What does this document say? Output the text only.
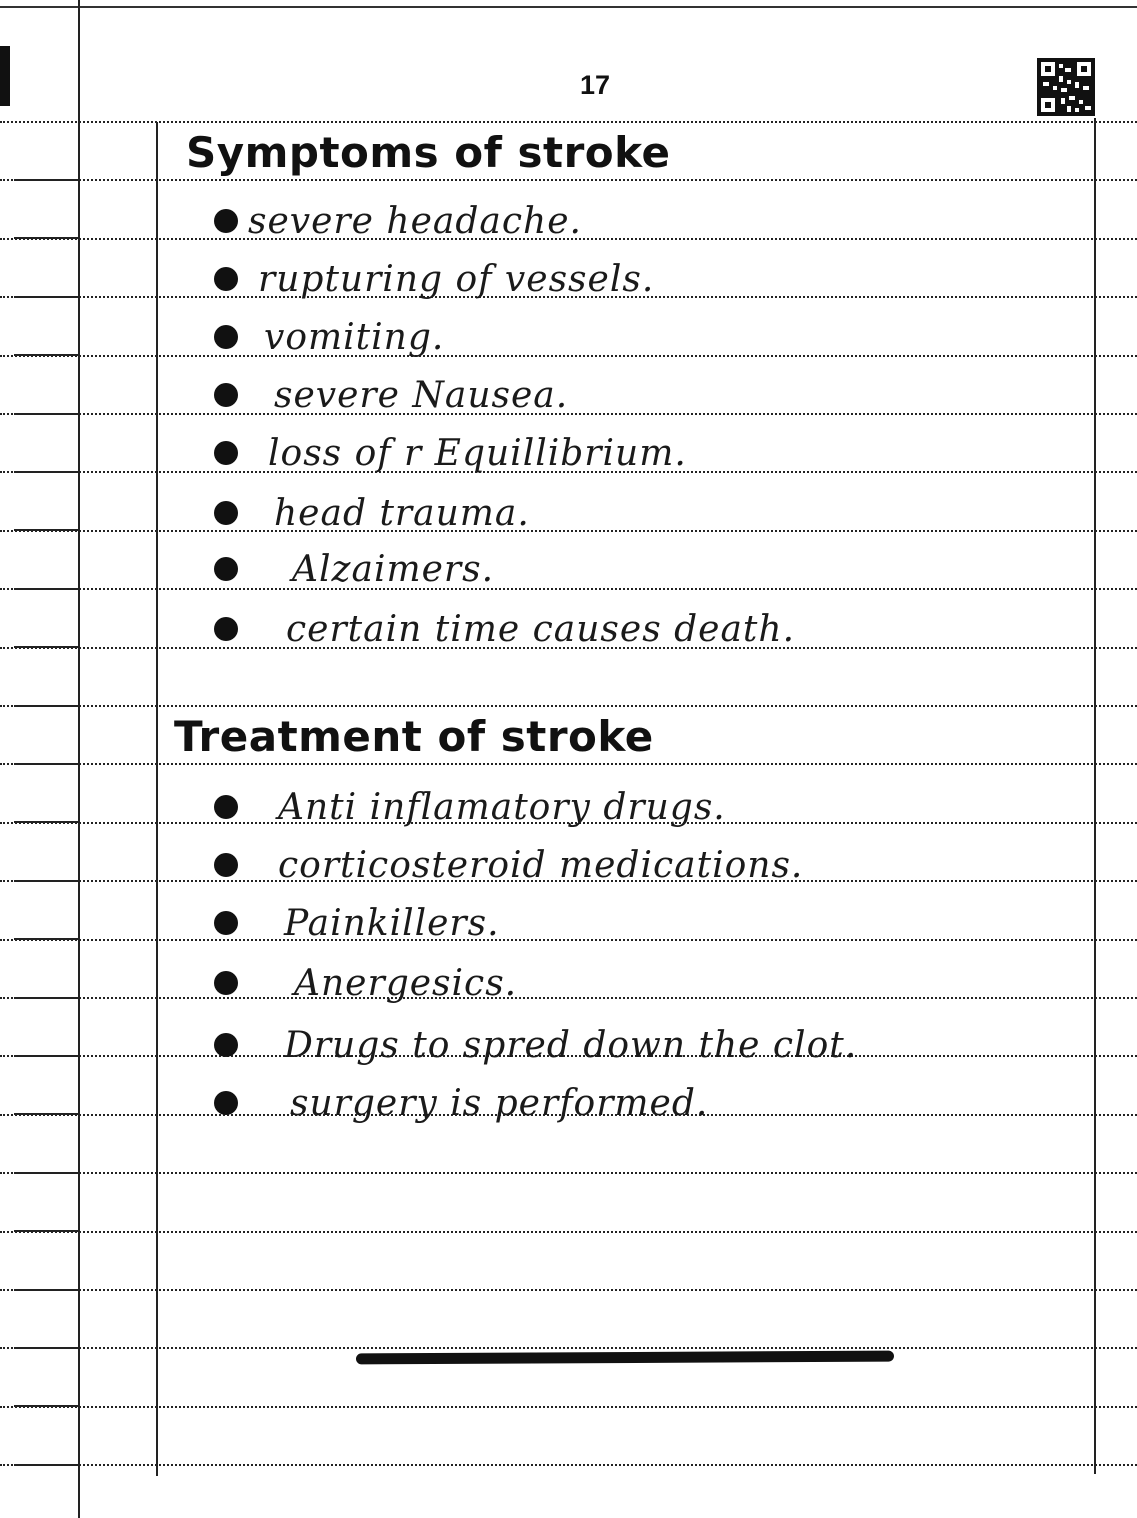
17
Symptoms of stroke
severe headache.
rupturing of vessels.
vomiting.
severe Nausea.
loss of r Equillibrium.
head trauma.
Alzaimers.
certain time causes death.
Treatment of stroke
Anti inflamatory drugs.
corticosteroid medications.
Painkillers.
Anergesics.
Drugs to spred down the clot.
surgery is performed.
